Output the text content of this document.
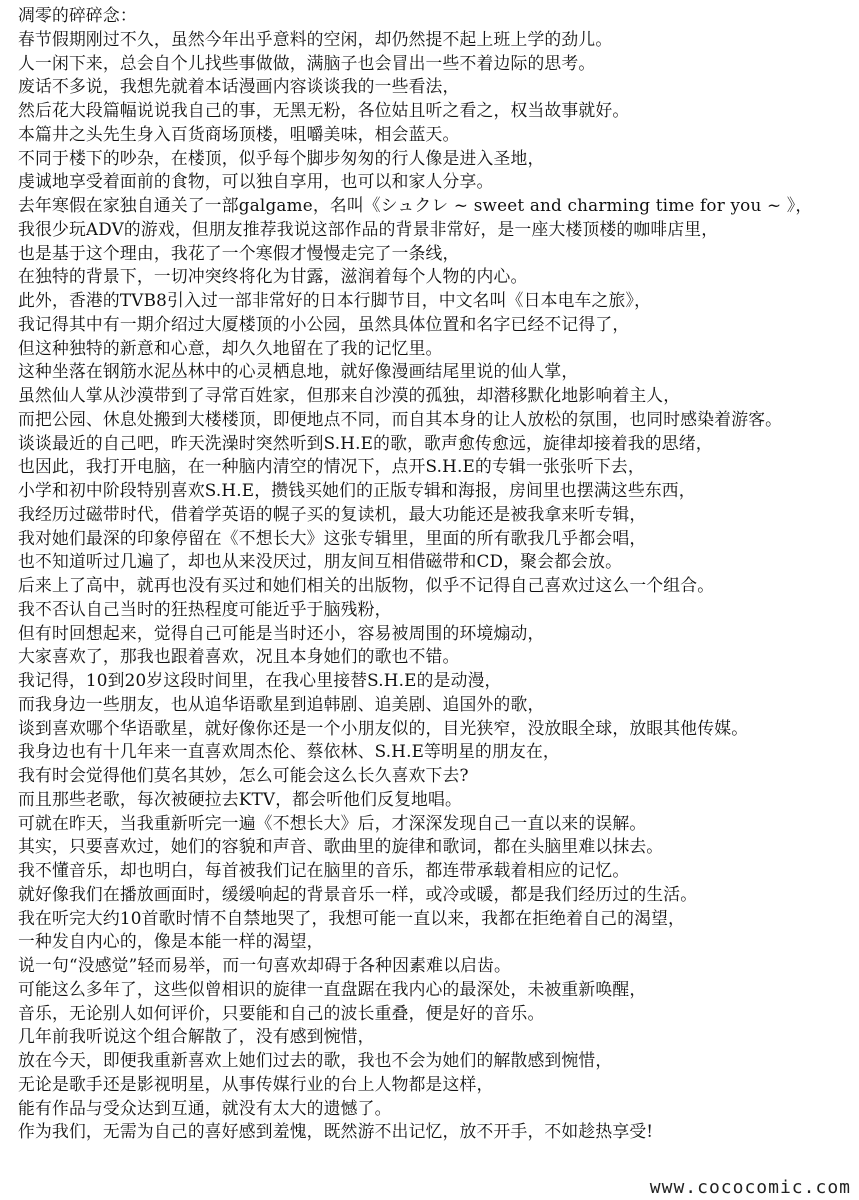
凋零的碎碎念：
春节假期刚过不久，虽然今年出乎意料的空闲，却仍然提不起上班上学的劲儿。
人一闲下来，总会自个儿找些事做做，满脑子也会冒出一些不着边际的思考。
废话不多说，我想先就着本话漫画内容谈谈我的一些看法，
然后花大段篇幅说说我自己的事，无黑无粉，各位姑且听之看之，权当故事就好。
本篇井之头先生身入百货商场顶楼，咀嚼美味，相会蓝天。
不同于楼下的吵杂，在楼顶，似乎每个脚步匆匆的行人像是进入圣地，
虔诚地享受着面前的食物，可以独自享用，也可以和家人分享。
去年寒假在家独自通关了一部galgame，名叫《シュクレ ~ sweet and charming time for you ~ 》，
我很少玩ADV的游戏，但朋友推荐我说这部作品的背景非常好，是一座大楼顶楼的咖啡店里，
也是基于这个理由，我花了一个寒假才慢慢走完了一条线，
在独特的背景下，一切冲突终将化为甘露，滋润着每个人物的内心。
此外，香港的TVB8引入过一部非常好的日本行脚节目，中文名叫《日本电车之旅》，
我记得其中有一期介绍过大厦楼顶的小公园，虽然具体位置和名字已经不记得了，
但这种独特的新意和心意，却久久地留在了我的记忆里。
这种坐落在钢筋水泥丛林中的心灵栖息地，就好像漫画结尾里说的仙人掌，
虽然仙人掌从沙漠带到了寻常百姓家，但那来自沙漠的孤独，却潜移默化地影响着主人，
而把公园、休息处搬到大楼楼顶，即便地点不同，而自其本身的让人放松的氛围，也同时感染着游客。
谈谈最近的自己吧，昨天洗澡时突然听到S.H.E的歌，歌声愈传愈远，旋律却接着我的思绪，
也因此，我打开电脑，在一种脑内清空的情况下，点开S.H.E的专辑一张张听下去，
小学和初中阶段特别喜欢S.H.E，攒钱买她们的正版专辑和海报，房间里也摆满这些东西，
我经历过磁带时代，借着学英语的幌子买的复读机，最大功能还是被我拿来听专辑，
我对她们最深的印象停留在《不想长大》这张专辑里，里面的所有歌我几乎都会唱，
也不知道听过几遍了，却也从来没厌过，朋友间互相借磁带和CD，聚会都会放。
后来上了高中，就再也没有买过和她们相关的出版物，似乎不记得自己喜欢过这么一个组合。
我不否认自己当时的狂热程度可能近乎于脑残粉，
但有时回想起来，觉得自己可能是当时还小，容易被周围的环境煽动，
大家喜欢了，那我也跟着喜欢，况且本身她们的歌也不错。
我记得，10到20岁这段时间里，在我心里接替S.H.E的是动漫，
而我身边一些朋友，也从追华语歌星到追韩剧、追美剧、追国外的歌，
谈到喜欢哪个华语歌星，就好像你还是一个小朋友似的，目光狭窄，没放眼全球，放眼其他传媒。
我身边也有十几年来一直喜欢周杰伦、蔡依林、S.H.E等明星的朋友在，
我有时会觉得他们莫名其妙，怎么可能会这么长久喜欢下去?
而且那些老歌，每次被硬拉去KTV，都会听他们反复地唱。
可就在昨天，当我重新听完一遍《不想长大》后，才深深发现自己一直以来的误解。
其实，只要喜欢过，她们的容貌和声音、歌曲里的旋律和歌词，都在头脑里难以抹去。
我不懂音乐，却也明白，每首被我们记在脑里的音乐，都连带承载着相应的记忆。
就好像我们在播放画面时，缓缓响起的背景音乐一样，或冷或暖，都是我们经历过的生活。
我在听完大约10首歌时情不自禁地哭了，我想可能一直以来，我都在拒绝着自己的渴望，
一种发自内心的，像是本能一样的渴望，
说一句“没感觉”轻而易举，而一句喜欢却碍于各种因素难以启齿。
可能这么多年了，这些似曾相识的旋律一直盘踞在我内心的最深处，未被重新唤醒，
音乐，无论别人如何评价，只要能和自己的波长重叠，便是好的音乐。
几年前我听说这个组合解散了，没有感到惋惜，
放在今天，即便我重新喜欢上她们过去的歌，我也不会为她们的解散感到惋惜，
无论是歌手还是影视明星，从事传媒行业的台上人物都是这样，
能有作品与受众达到互通，就没有太大的遗憾了。
作为我们，无需为自己的喜好感到羞愧，既然游不出记忆，放不开手，不如趁热享受!
www.cococomic.com
